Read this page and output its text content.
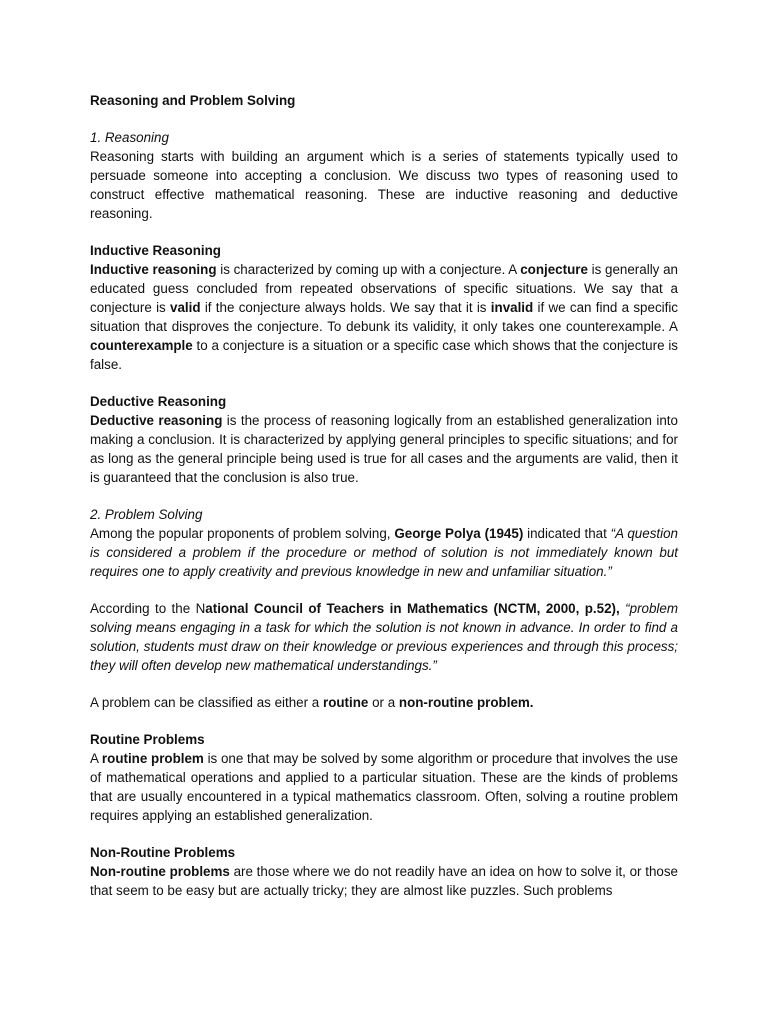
Reasoning and Problem Solving

1. Reasoning

Reasoning starts with building an argument which is a series of statements typically used to persuade someone into accepting a conclusion. We discuss two types of reasoning used to construct effective mathematical reasoning. These are inductive reasoning and deductive reasoning.

Inductive Reasoning

Inductive reasoning is characterized by coming up with a conjecture. A conjecture is generally an educated guess concluded from repeated observations of specific situations. We say that a conjecture is valid if the conjecture always holds. We say that it is invalid if we can find a specific situation that disproves the conjecture. To debunk its validity, it only takes one counterexample. A counterexample to a conjecture is a situation or a specific case which shows that the conjecture is false.

Deductive Reasoning

Deductive reasoning is the process of reasoning logically from an established generalization into making a conclusion. It is characterized by applying general principles to specific situations; and for as long as the general principle being used is true for all cases and the arguments are valid, then it is guaranteed that the conclusion is also true.

2. Problem Solving

Among the popular proponents of problem solving, George Polya (1945) indicated that “A question is considered a problem if the procedure or method of solution is not immediately known but requires one to apply creativity and previous knowledge in new and unfamiliar situation.”

According to the National Council of Teachers in Mathematics (NCTM, 2000, p.52), “problem solving means engaging in a task for which the solution is not known in advance. In order to find a solution, students must draw on their knowledge or previous experiences and through this process; they will often develop new mathematical understandings.”

A problem can be classified as either a routine or a non-routine problem.

Routine Problems

A routine problem is one that may be solved by some algorithm or procedure that involves the use of mathematical operations and applied to a particular situation. These are the kinds of problems that are usually encountered in a typical mathematics classroom. Often, solving a routine problem requires applying an established generalization.

Non-Routine Problems

Non-routine problems are those where we do not readily have an idea on how to solve it, or those that seem to be easy but are actually tricky; they are almost like puzzles. Such problems
